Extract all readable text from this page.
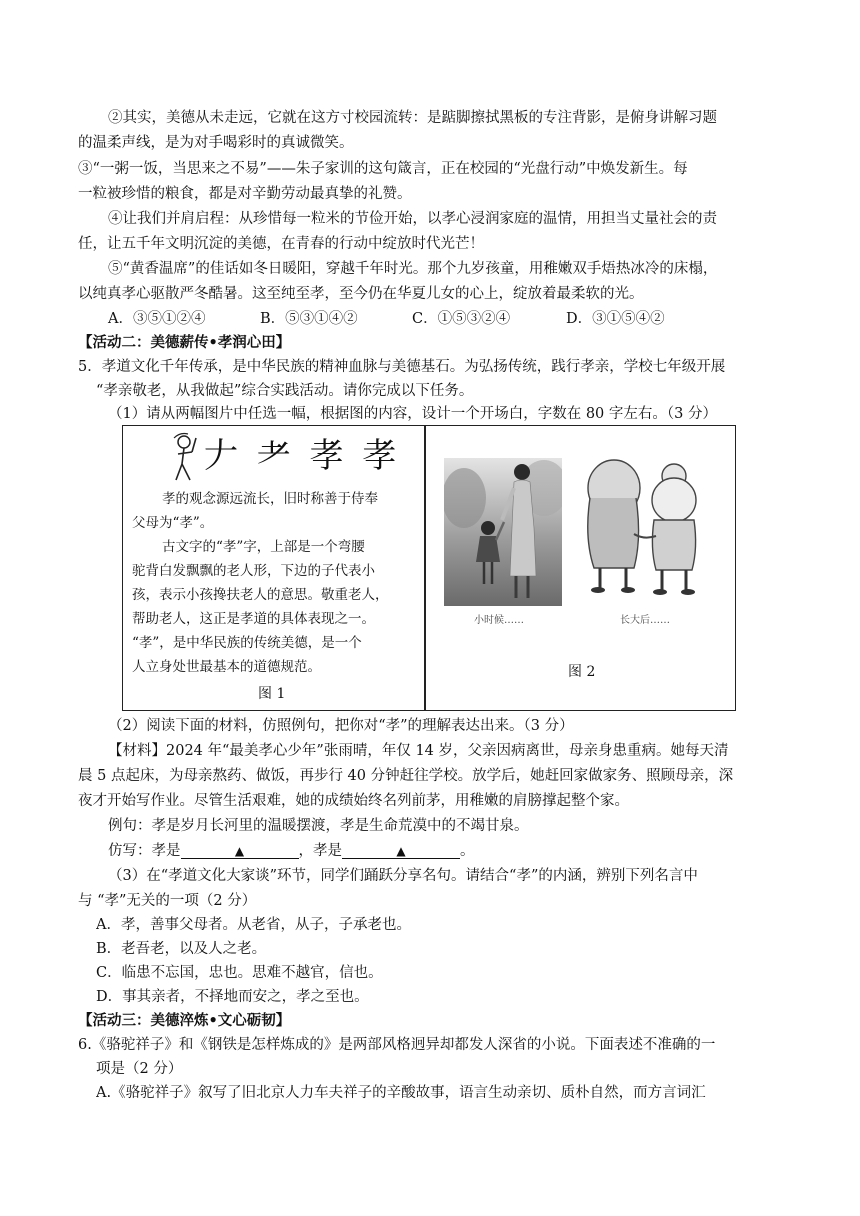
②其实，美德从未走远，它就在这方寸校园流转：是踮脚擦拭黑板的专注背影，是俯身讲解习题
的温柔声线，是为对手喝彩时的真诚微笑。
③“一粥一饭，当思来之不易”——朱子家训的这句箴言，正在校园的“光盘行动”中焕发新生。每
一粒被珍惜的粮食，都是对辛勤劳动最真挚的礼赞。
④让我们并肩启程：从珍惜每一粒米的节俭开始，以孝心浸润家庭的温情，用担当丈量社会的责
任，让五千年文明沉淀的美德，在青春的行动中绽放时代光芒！
⑤“黄香温席”的佳话如冬日暖阳，穿越千年时光。那个九岁孩童，用稚嫩双手焐热冰冷的床榻，
以纯真孝心驱散严冬酷暑。这至纯至孝，至今仍在华夏儿女的心上，绽放着最柔软的光。
A．③⑤①②④	B．⑤③①④②	C．①⑤③②④	D．③①⑤④②
【活动二：美德薪传•孝润心田】
5．孝道文化千年传承，是中华民族的精神血脉与美德基石。为弘扬传统，践行孝亲，学校七年级开展
“孝亲敬老，从我做起”综合实践活动。请你完成以下任务。
（1）请从两幅图片中任选一幅，根据图的内容，设计一个开场白，字数在 80 字左右。（3 分）
𠂇 耂 孝 孝
孝的观念源远流长，旧时称善于侍奉
父母为“孝”。
古文字的“孝”字，上部是一个弯腰
驼背白发飘飘的老人形，下边的子代表小
孩，表示小孩搀扶老人的意思。敬重老人，
帮助老人，这正是孝道的具体表现之一。
“孝”，是中华民族的传统美德，是一个
人立身处世最基本的道德规范。
图 1
小时候……	长大后……
图 2
（2）阅读下面的材料，仿照例句，把你对“孝”的理解表达出来。（3 分）
【材料】2024 年“最美孝心少年”张雨晴，年仅 14 岁，父亲因病离世，母亲身患重病。她每天清
晨 5 点起床，为母亲熬药、做饭，再步行 40 分钟赶往学校。放学后，她赶回家做家务、照顾母亲，深
夜才开始写作业。尽管生活艰难，她的成绩始终名列前茅，用稚嫩的肩膀撑起整个家。
例句：孝是岁月长河里的温暖摆渡，孝是生命荒漠中的不竭甘泉。
仿写：孝是	▲	，孝是	▲	。
（3）在“孝道文化大家谈”环节，同学们踊跃分享名句。请结合“孝”的内涵，辨别下列名言中
与 “孝”无关的一项（2 分）
A．孝，善事父母者。从老省，从子，子承老也。
B．老吾老，以及人之老。
C．临患不忘国，忠也。思难不越官，信也。
D．事其亲者，不择地而安之，孝之至也。
【活动三：美德淬炼•文心砺韧】
6.《骆驼祥子》和《钢铁是怎样炼成的》是两部风格迥异却都发人深省的小说。下面表述不准确的一
项是（2 分）
A.《骆驼祥子》叙写了旧北京人力车夫祥子的辛酸故事，语言生动亲切、质朴自然，而方言词汇
